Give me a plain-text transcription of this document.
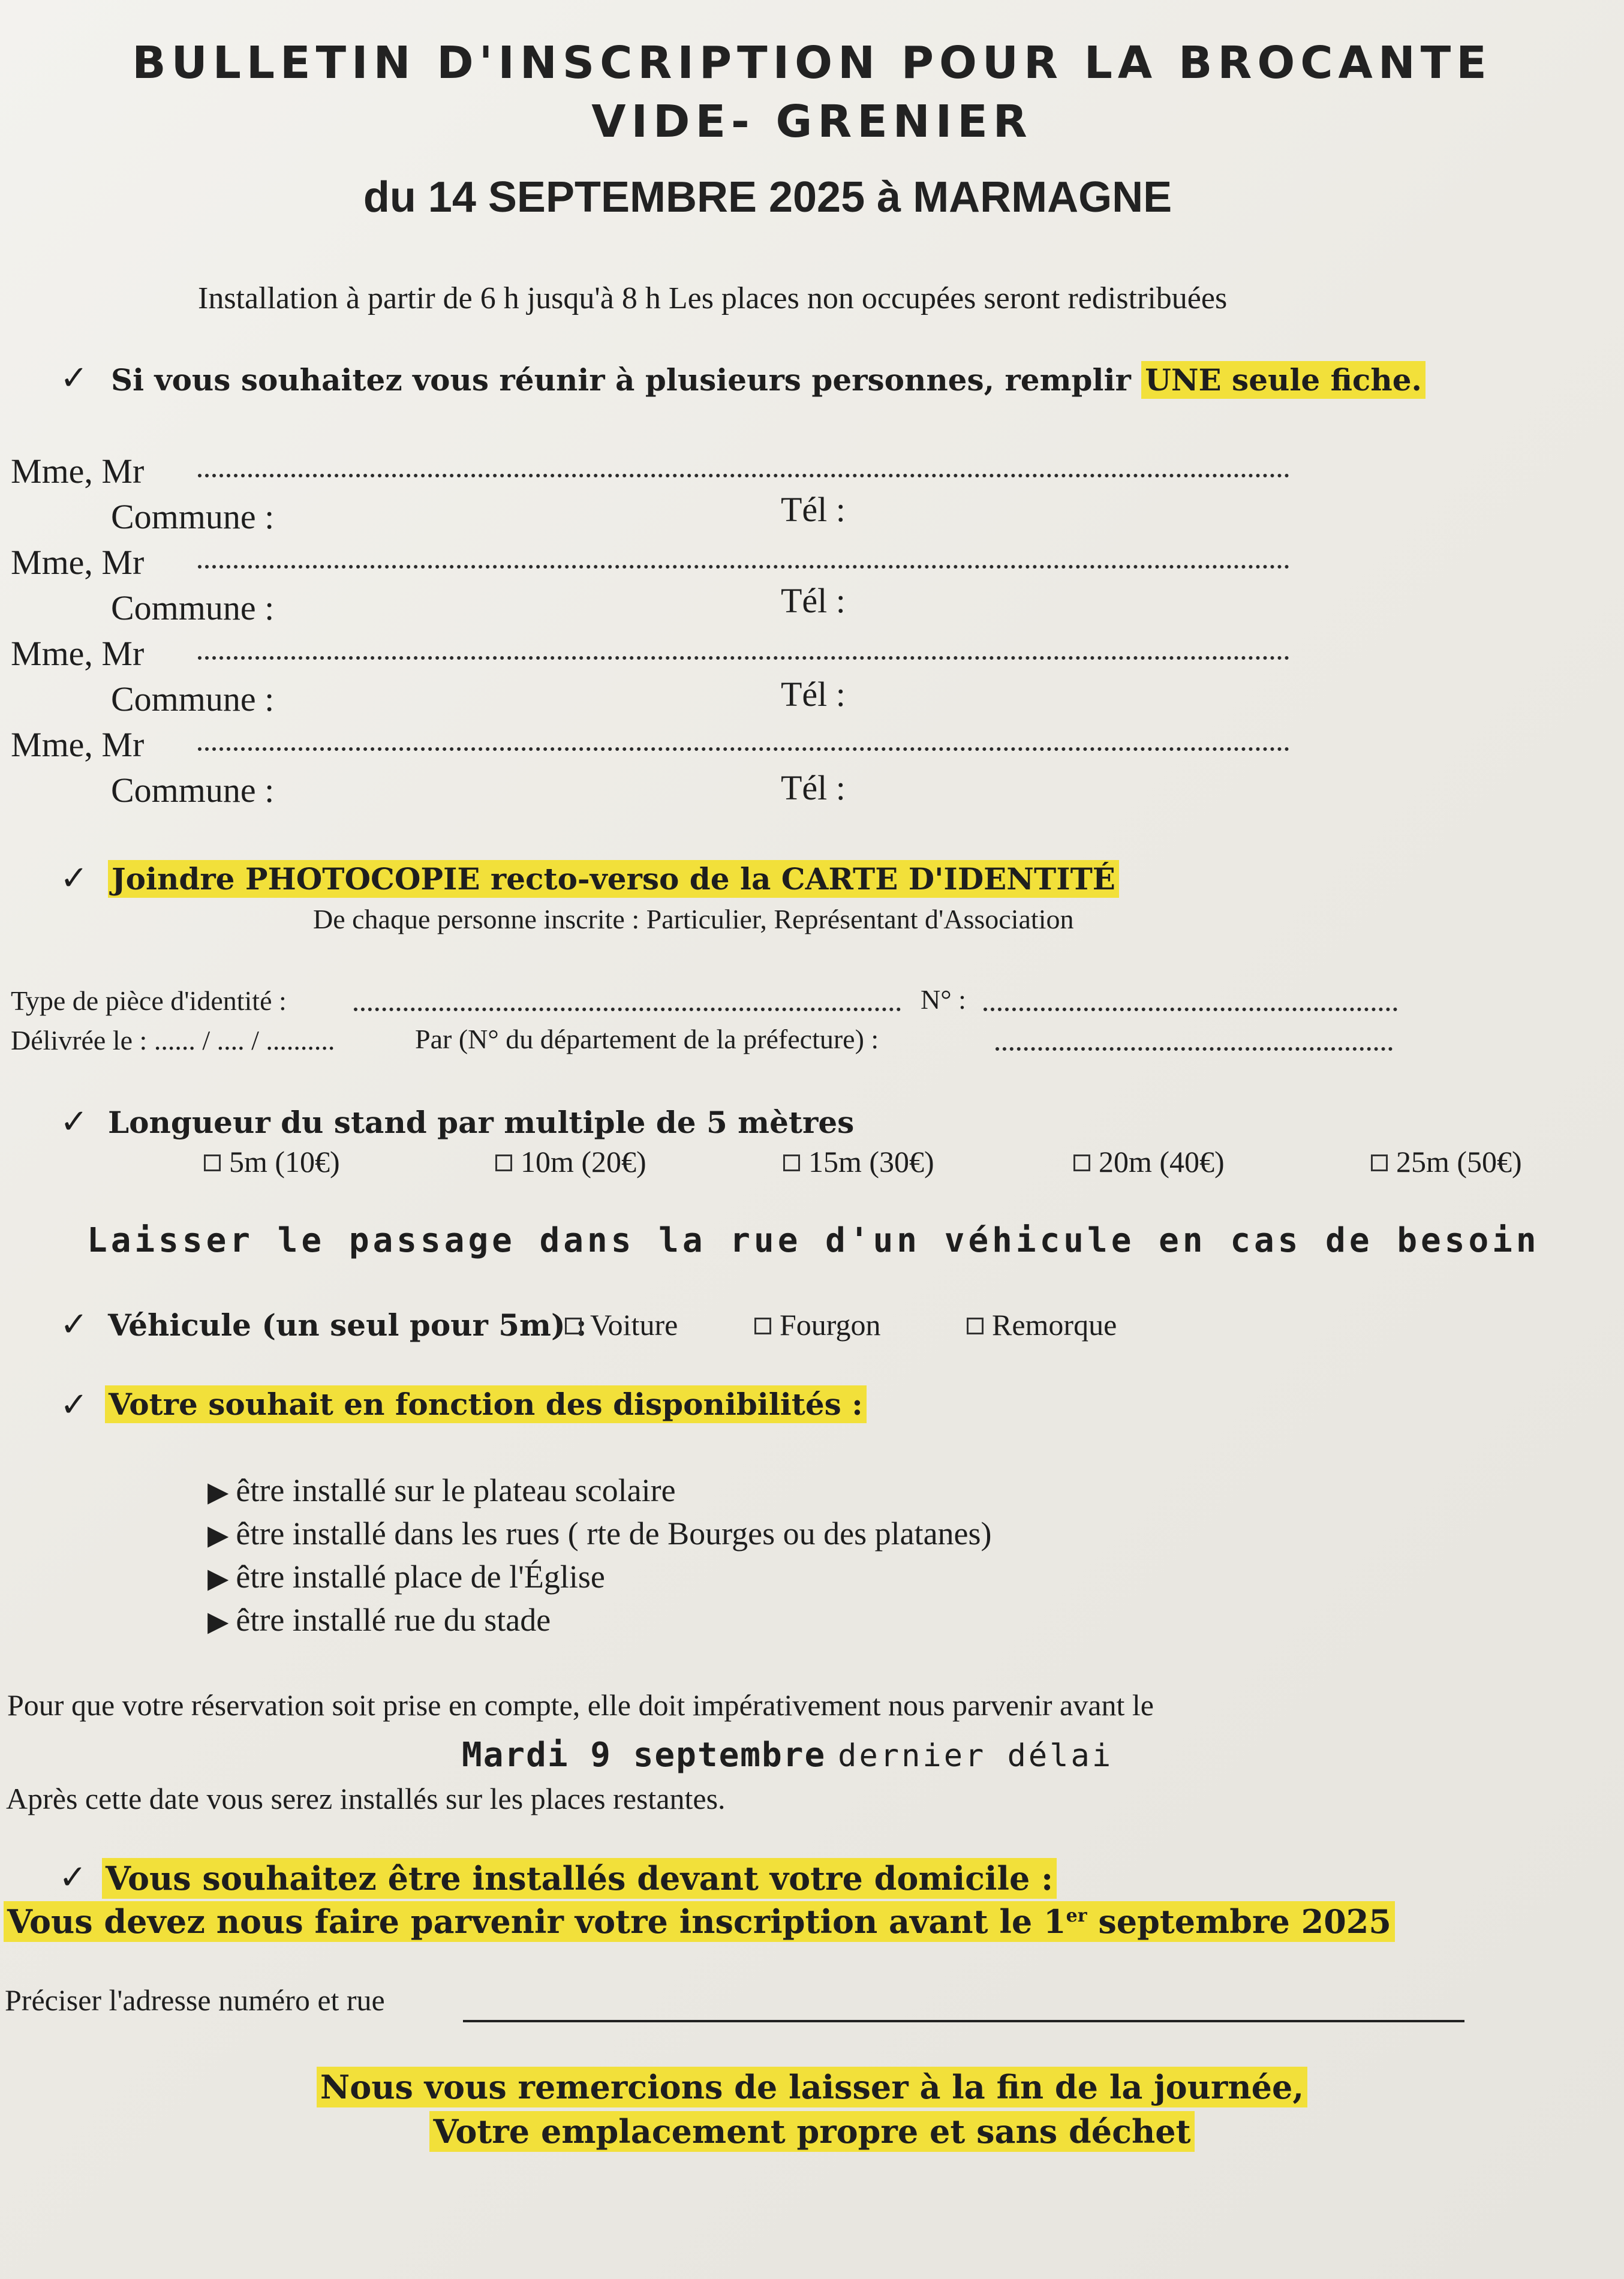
BULLETIN D'INSCRIPTION POUR LA BROCANTE
VIDE- GRENIER
du 14 SEPTEMBRE 2025 à MARMAGNE
Installation à partir de 6 h jusqu'à 8 h Les places non occupées seront redistribuées
✓ Si vous souhaitez vous réunir à plusieurs personnes, remplir UNE seule fiche.
Mme, Mr
Commune :	Tél :
Mme, Mr
Commune :	Tél :
Mme, Mr
Commune :	Tél :
Mme, Mr
Commune :	Tél :
✓ Joindre PHOTOCOPIE recto-verso de la CARTE D'IDENTITÉ
De chaque personne inscrite : Particulier, Représentant d'Association
Type de pièce d'identité :	N° :
Délivrée le : ...... / .... / ..........	Par (N° du département de la préfecture) :
✓ Longueur du stand par multiple de 5 mètres
5m (10€)	10m (20€)	15m (30€)	20m (40€)	25m (50€)
Laisser le passage dans la rue d'un véhicule en cas de besoin
✓ Véhicule (un seul pour 5m) : Voiture	Fourgon	Remorque
✓ Votre souhait en fonction des disponibilités :
▶ être installé sur le plateau scolaire
▶ être installé dans les rues ( rte de Bourges ou des platanes)
▶ être installé place de l'Église
▶ être installé rue du stade
Pour que votre réservation soit prise en compte, elle doit impérativement nous parvenir avant le
Mardi 9 septembre dernier délai
Après cette date vous serez installés sur les places restantes.
✓ Vous souhaitez être installés devant votre domicile :
Vous devez nous faire parvenir votre inscription avant le 1er septembre 2025
Préciser l'adresse numéro et rue
Nous vous remercions de laisser à la fin de la journée,
Votre emplacement propre et sans déchet
